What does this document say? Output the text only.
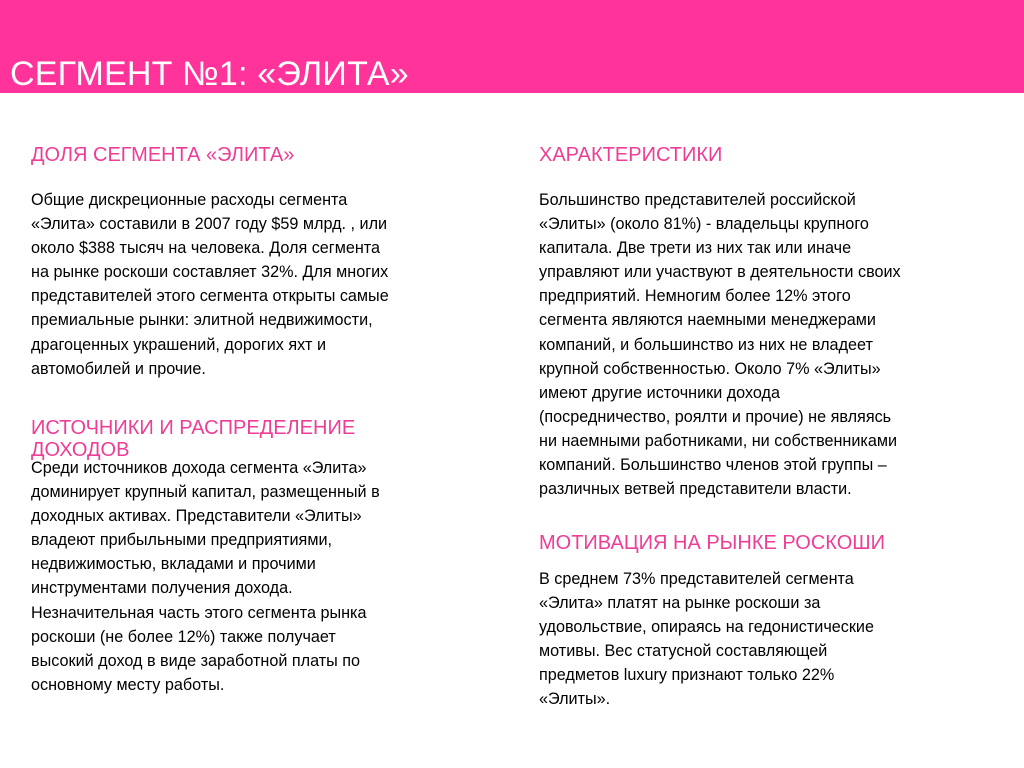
СЕГМЕНТ №1: «ЭЛИТА»
ДОЛЯ СЕГМЕНТА «ЭЛИТА»
Общие дискреционные расходы сегмента
«Элита» составили в 2007 году $59 млрд. , или
около $388 тысяч на человека. Доля сегмента
на рынке роскоши составляет 32%. Для многих
представителей этого сегмента открыты самые
премиальные рынки: элитной недвижимости,
драгоценных украшений, дорогих яхт и
автомобилей и прочие.
ИСТОЧНИКИ И РАСПРЕДЕЛЕНИЕ
ДОХОДОВ
Среди источников дохода сегмента «Элита»
доминирует крупный капитал, размещенный в
доходных активах. Представители «Элиты»
владеют прибыльными предприятиями,
недвижимостью, вкладами и прочими
инструментами получения дохода.
Незначительная часть этого сегмента рынка
роскоши (не более 12%) также получает
высокий доход в виде заработной платы по
основному месту работы.
ХАРАКТЕРИСТИКИ
Большинство представителей российской
«Элиты» (около 81%) - владельцы крупного
капитала. Две трети из них так или иначе
управляют или участвуют в деятельности своих
предприятий. Немногим более 12% этого
сегмента являются наемными менеджерами
компаний, и большинство из них не владеет
крупной собственностью. Около 7% «Элиты»
имеют другие источники дохода
(посредничество, роялти и прочие) не являясь
ни наемными работниками, ни собственниками
компаний. Большинство членов этой группы –
различных ветвей представители власти.
МОТИВАЦИЯ НА РЫНКЕ РОСКОШИ
В среднем 73% представителей сегмента
«Элита» платят на рынке роскоши за
удовольствие, опираясь на гедонистические
мотивы. Вес статусной составляющей
предметов luxury признают только 22%
«Элиты».
